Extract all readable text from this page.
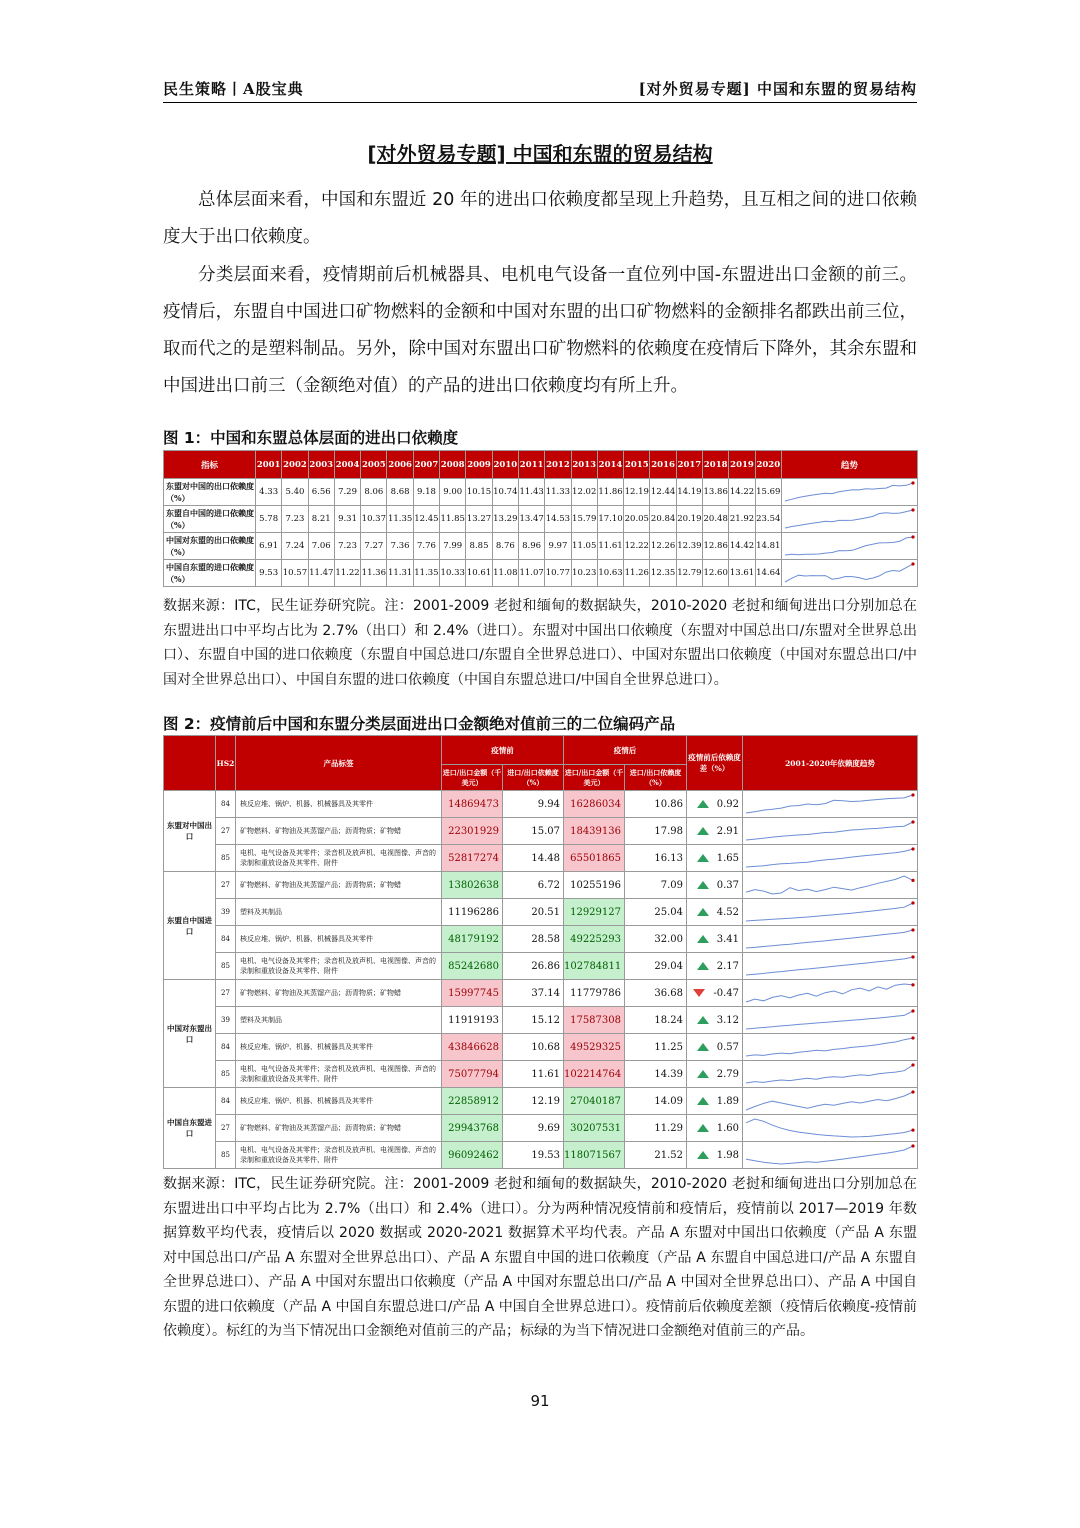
民生策略丨A股宝典	[对外贸易专题] 中国和东盟的贸易结构
[对外贸易专题] 中国和东盟的贸易结构
总体层面来看，中国和东盟近 20 年的进出口依赖度都呈现上升趋势，且互相之间的进口依赖度大于出口依赖度。
分类层面来看，疫情期前后机械器具、电机电气设备一直位列中国-东盟进出口金额的前三。疫情后，东盟自中国进口矿物燃料的金额和中国对东盟的出口矿物燃料的金额排名都跌出前三位，取而代之的是塑料制品。另外，除中国对东盟出口矿物燃料的依赖度在疫情后下降外，其余东盟和中国进出口前三（金额绝对值）的产品的进出口依赖度均有所上升。
图 1：中国和东盟总体层面的进出口依赖度
指标	2001	2002	2003	2004	2005	2006	2007	2008	2009	2010	2011	2012	2013	2014	2015	2016	2017	2018	2019	2020	趋势
东盟对中国的出口依赖度（%）	4.33	5.40	6.56	7.29	8.06	8.68	9.18	9.00	10.15	10.74	11.43	11.33	12.02	11.86	12.19	12.44	14.19	13.86	14.22	15.69	

东盟自中国的进口依赖度（%）	5.78	7.23	8.21	9.31	10.37	11.35	12.45	11.85	13.27	13.29	13.47	14.53	15.79	17.10	20.05	20.84	20.19	20.48	21.92	23.54	

中国对东盟的出口依赖度（%）	6.91	7.24	7.06	7.23	7.27	7.36	7.76	7.99	8.85	8.76	8.96	9.97	11.05	11.61	12.22	12.26	12.39	12.86	14.42	14.81	

中国自东盟的进口依赖度（%）	9.53	10.57	11.47	11.22	11.36	11.31	11.35	10.33	10.61	11.08	11.07	10.77	10.23	10.63	11.26	12.35	12.79	12.60	13.61	14.64	
数据来源：ITC，民生证券研究院。注：2001-2009 老挝和缅甸的数据缺失，2010-2020 老挝和缅甸进出口分别加总在东盟进出口中平均占比为 2.7%（出口）和 2.4%（进口）。东盟对中国出口依赖度（东盟对中国总出口/东盟对全世界总出口）、东盟自中国的进口依赖度（东盟自中国总进口/东盟自全世界总进口）、中国对东盟出口依赖度（中国对东盟总出口/中国对全世界总出口）、中国自东盟的进口依赖度（中国自东盟总进口/中国自全世界总进口）。
图 2：疫情前后中国和东盟分类层面进出口金额绝对值前三的二位编码产品
	HS2	产品标签	疫情前		疫情后		疫情前后依赖度差（%）	2001-2020年依赖度趋势
			进口/出口金额（千美元）	进口/出口依赖度（%）	进口/出口金额（千美元）	进口/出口依赖度（%）		
东盟对中国出口	84	核反应堆、锅炉、机器、机械器具及其零件	14869473	9.94	16286034	10.86	0.92	

	27	矿物燃料、矿物油及其蒸馏产品；沥青物质；矿物蜡	22301929	15.07	18439136	17.98	2.91	

	85	电机、电气设备及其零件；录音机及放声机、电视图像、声音的录制和重放设备及其零件、附件	52817274	14.48	65501865	16.13	1.65	

东盟自中国进口	27	矿物燃料、矿物油及其蒸馏产品；沥青物质；矿物蜡	13802638	6.72	10255196	7.09	0.37	

	39	塑料及其制品	11196286	20.51	12929127	25.04	4.52	

	84	核反应堆、锅炉、机器、机械器具及其零件	48179192	28.58	49225293	32.00	3.41	

	85	电机、电气设备及其零件；录音机及放声机、电视图像、声音的录制和重放设备及其零件、附件	85242680	26.86	102784811	29.04	2.17	

中国对东盟出口	27	矿物燃料、矿物油及其蒸馏产品；沥青物质；矿物蜡	15997745	37.14	11779786	36.68	-0.47	

	39	塑料及其制品	11919193	15.12	17587308	18.24	3.12	

	84	核反应堆、锅炉、机器、机械器具及其零件	43846628	10.68	49529325	11.25	0.57	

	85	电机、电气设备及其零件；录音机及放声机、电视图像、声音的录制和重放设备及其零件、附件	75077794	11.61	102214764	14.39	2.79	

中国自东盟进口	84	核反应堆、锅炉、机器、机械器具及其零件	22858912	12.19	27040187	14.09	1.89	

	27	矿物燃料、矿物油及其蒸馏产品；沥青物质；矿物蜡	29943768	9.69	30207531	11.29	1.60	

	85	电机、电气设备及其零件；录音机及放声机、电视图像、声音的录制和重放设备及其零件、附件	96092462	19.53	118071567	21.52	1.98	
数据来源：ITC，民生证券研究院。注：2001-2009 老挝和缅甸的数据缺失，2010-2020 老挝和缅甸进出口分别加总在东盟进出口中平均占比为 2.7%（出口）和 2.4%（进口）。分为两种情况疫情前和疫情后，疫情前以 2017—2019 年数据算数平均代表，疫情后以 2020 数据或 2020-2021 数据算术平均代表。产品 A 东盟对中国出口依赖度（产品 A 东盟对中国总出口/产品 A 东盟对全世界总出口）、产品 A 东盟自中国的进口依赖度（产品 A 东盟自中国总进口/产品 A 东盟自全世界总进口）、产品 A 中国对东盟出口依赖度（产品 A 中国对东盟总出口/产品 A 中国对全世界总出口）、产品 A 中国自东盟的进口依赖度（产品 A 中国自东盟总进口/产品 A 中国自全世界总进口）。疫情前后依赖度差额（疫情后依赖度-疫情前依赖度）。标红的为当下情况出口金额绝对值前三的产品；标绿的为当下情况进口金额绝对值前三的产品。
91
